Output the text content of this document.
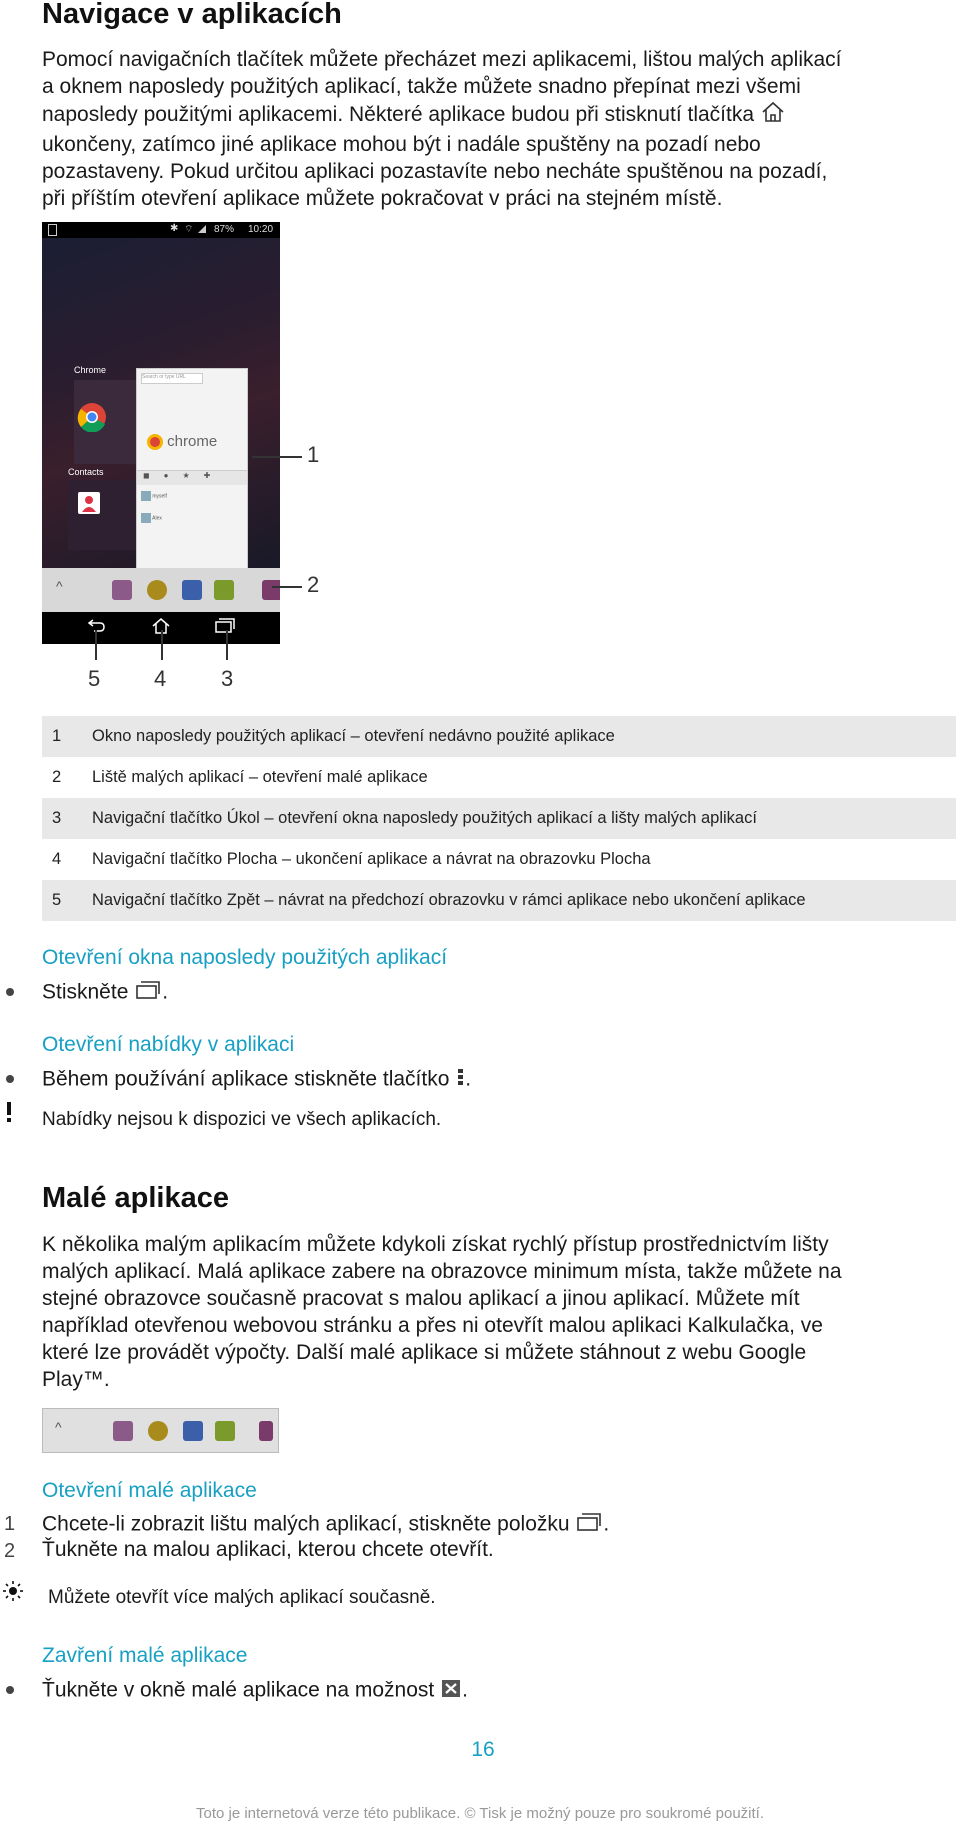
Navigace v aplikacích
Pomocí navigačních tlačítek můžete přecházet mezi aplikacemi, lištou malých aplikací
a oknem naposledy použitých aplikací, takže můžete snadno přepínat mezi všemi
naposledy použitými aplikacemi. Některé aplikace budou při stisknutí tlačítka
ukončeny, zatímco jiné aplikace mohou být i nadále spuštěny na pozadí nebo
pozastaveny. Pokud určitou aplikaci pozastavíte nebo necháte spuštěnou na pozadí,
při příštím otevření aplikace můžete pokračovat v práci na stejném místě.
✱ ⌔ 87% 10:20
Chrome
Search or type URL
chrome
Contacts	◼●★✚
myself
Alex
^
1
2
3
4
5
1	Okno naposledy použitých aplikací – otevření nedávno použité aplikace
2	Liště malých aplikací – otevření malé aplikace
3	Navigační tlačítko Úkol – otevření okna naposledy použitých aplikací a lišty malých aplikací
4	Navigační tlačítko Plocha – ukončení aplikace a návrat na obrazovku Plocha
5	Navigační tlačítko Zpět – návrat na předchozí obrazovku v rámci aplikace nebo ukončení aplikace
Otevření okna naposledy použitých aplikací
Stiskněte .
Otevření nabídky v aplikaci
Během používání aplikace stiskněte tlačítko .
Nabídky nejsou k dispozici ve všech aplikacích.
Malé aplikace
K několika malým aplikacím můžete kdykoli získat rychlý přístup prostřednictvím lišty
malých aplikací. Malá aplikace zabere na obrazovce minimum místa, takže můžete na
stejné obrazovce současně pracovat s malou aplikací a jinou aplikací. Můžete mít
například otevřenou webovou stránku a přes ni otevřít malou aplikaci Kalkulačka, ve
které lze provádět výpočty. Další malé aplikace si můžete stáhnout z webu Google
Play™.
^
Otevření malé aplikace
1 Chcete-li zobrazit lištu malých aplikací, stiskněte položku .
2 Ťukněte na malou aplikaci, kterou chcete otevřít.
Můžete otevřít více malých aplikací současně.
Zavření malé aplikace
Ťukněte v okně malé aplikace na možnost .
16
Toto je internetová verze této publikace. © Tisk je možný pouze pro soukromé použití.
